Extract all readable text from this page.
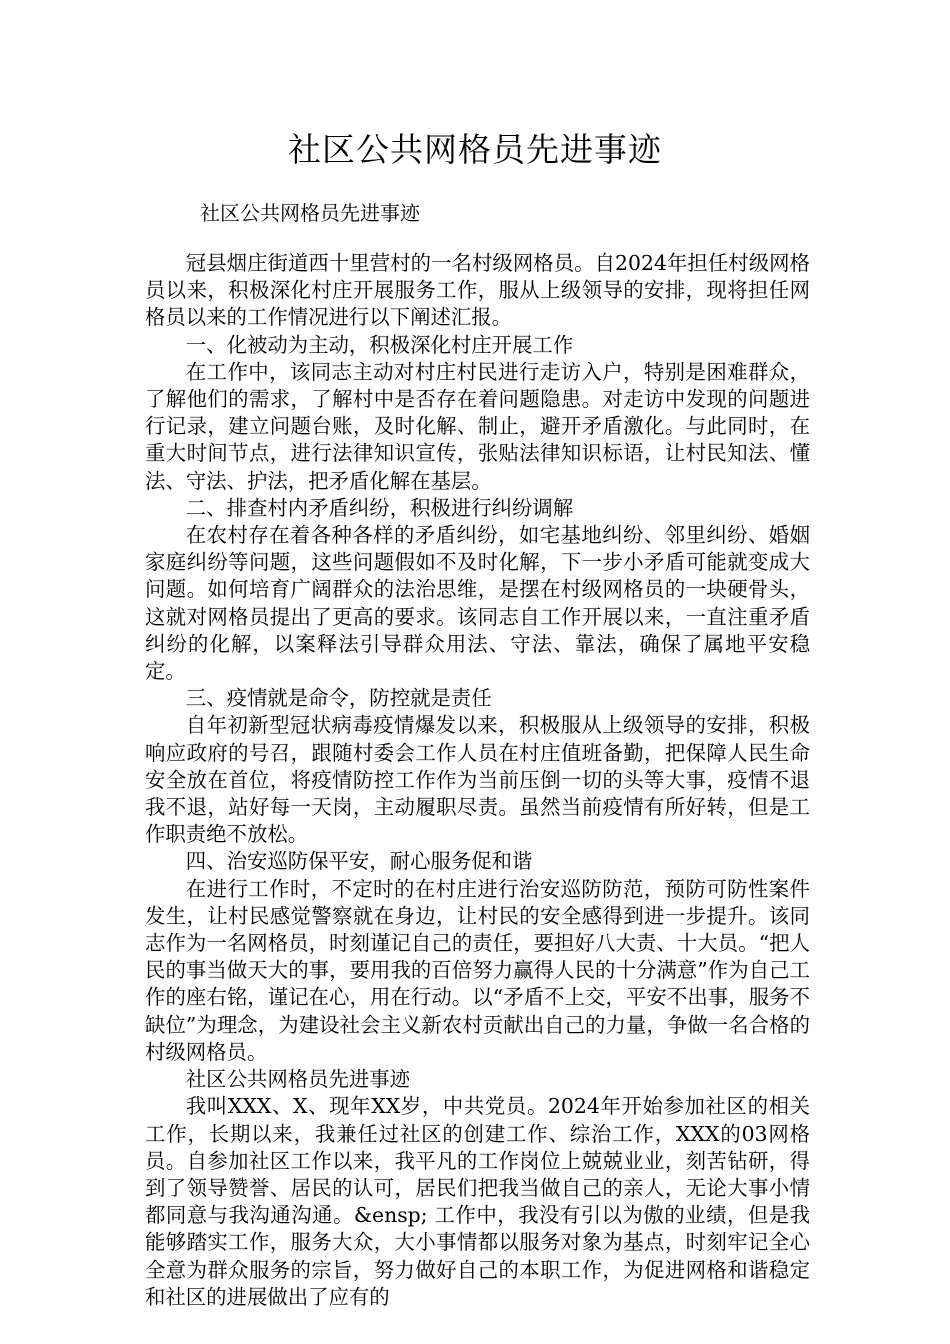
社区公共网格员先进事迹

社区公共网格员先进事迹

冠县烟庄街道西十里营村的一名村级网格员。自2024年担任村级网格员以来，积极深化村庄开展服务工作，服从上级领导的安排，现将担任网格员以来的工作情况进行以下阐述汇报。

一、化被动为主动，积极深化村庄开展工作

在工作中，该同志主动对村庄村民进行走访入户，特别是困难群众，了解他们的需求，了解村中是否存在着问题隐患。对走访中发现的问题进行记录，建立问题台账，及时化解、制止，避开矛盾激化。与此同时，在重大时间节点，进行法律知识宣传，张贴法律知识标语，让村民知法、懂法、守法、护法，把矛盾化解在基层。

二、排查村内矛盾纠纷，积极进行纠纷调解

在农村存在着各种各样的矛盾纠纷，如宅基地纠纷、邻里纠纷、婚姻家庭纠纷等问题，这些问题假如不及时化解，下一步小矛盾可能就变成大问题。如何培育广阔群众的法治思维，是摆在村级网格员的一块硬骨头，这就对网格员提出了更高的要求。该同志自工作开展以来，一直注重矛盾纠纷的化解，以案释法引导群众用法、守法、靠法，确保了属地平安稳定。

三、疫情就是命令，防控就是责任

自年初新型冠状病毒疫情爆发以来，积极服从上级领导的安排，积极响应政府的号召，跟随村委会工作人员在村庄值班备勤，把保障人民生命安全放在首位，将疫情防控工作作为当前压倒一切的头等大事，疫情不退我不退，站好每一天岗，主动履职尽责。虽然当前疫情有所好转，但是工作职责绝不放松。

四、治安巡防保平安，耐心服务促和谐

在进行工作时，不定时的在村庄进行治安巡防防范，预防可防性案件发生，让村民感觉警察就在身边，让村民的安全感得到进一步提升。该同志作为一名网格员，时刻谨记自己的责任，要担好八大责、十大员。“把人民的事当做天大的事，要用我的百倍努力赢得人民的十分满意”作为自己工作的座右铭，谨记在心，用在行动。以“矛盾不上交，平安不出事，服务不缺位”为理念，为建设社会主义新农村贡献出自己的力量，争做一名合格的村级网格员。

社区公共网格员先进事迹

我叫XXX、X、现年XX岁，中共党员。2024年开始参加社区的相关工作，长期以来，我兼任过社区的创建工作、综治工作，XXX的03网格员。自参加社区工作以来，我平凡的工作岗位上兢兢业业，刻苦钻研，得到了领导赞誉、居民的认可，居民们把我当做自己的亲人，无论大事小情都同意与我沟通沟通。&ensp; 工作中，我没有引以为傲的业绩，但是我能够踏实工作，服务大众，大小事情都以服务对象为基点，时刻牢记全心全意为群众服务的宗旨，努力做好自己的本职工作，为促进网格和谐稳定和社区的进展做出了应有的
